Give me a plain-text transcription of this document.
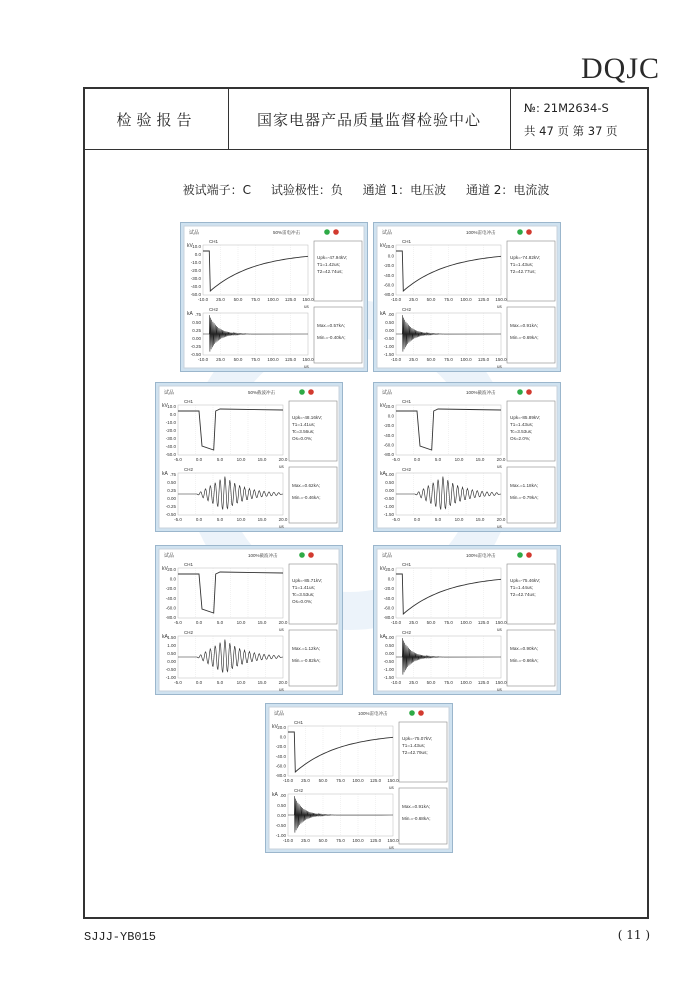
DQJC
检验报告	国家电器产品质量监督检验中心
№: 21M2634-S
共 47 页 第 37 页
被试端子：C 试验极性：负 通道 1：电压波 通道 2：电流波
试品	50%雷电冲击
CH1
kV 10.0
0.0
-10.0
-20.0
-30.0
-40.0
-50.0
-10.0 25.0 50.0 75.0 100.0 125.0 150.0
us
CH2
kA .75
0.50
0.25
0.00
-0.25
-0.50
-10.0 25.0 50.0 75.0 100.0 125.0 150.0
us
Upk=-47.94kV;
T1=1.42us;
T2=42.74us;
Max.=0.57kA;
Min.=-0.40kA;
试品	100%雷电冲击
CH1
kV 20.0
0.0
-20.0
-40.0
-60.0
-80.0
-10.0 25.0 50.0 75.0 100.0 125.0 150.0
us
CH2
kA .00
0.50
0.00
-0.50
-1.00
-1.50
-10.0 25.0 50.0 75.0 100.0 125.0 150.0
us
Upk=-74.82kV;
T1=1.43us;
T2=42.77us;
Max.=0.91kA;
Min.=-0.69kA;
试品	50%截波冲击
CH1
kV 10.0
0.0
-10.0
-20.0
-30.0
-40.0
-50.0
-5.0	0.0	5.0	10.0	15.0	20.0
us
CH2
kA .75
0.50
0.25
0.00
-0.25
-0.50
-5.0	0.0	5.0	10.0	15.0	20.0
us
Upk=-48.16kV;
T1=1.41us;
Tc=3.56us;
Os=0.0%;
Max.=0.62kA;
Min.=-0.46kA;
试品	100%截波冲击
CH1
kV 20.0
0.0
-20.0
-40.0
-60.0
-80.0
-5.0	0.0	5.0	10.0	15.0	20.0
us
CH2
kA 1.00
0.50
0.00
-0.50
-1.00
-1.50
-5.0	0.0	5.0	10.0	15.0	20.0
us
Upk=-85.89kV;
T1=1.43us;
Tc=3.53us;
Os=2.0%;
Max.=1.18kA;
Min.=-0.79kA;
试品	100%截波冲击
CH1
kV 20.0
0.0
-20.0
-40.0
-60.0
-80.0
-5.0	0.0	5.0	10.0	15.0	20.0
us
CH2
kA 1.50
1.00
0.50
0.00
-0.50
-1.00
-5.0	0.0	5.0	10.0	15.0	20.0
us
Upk=-85.71kV;
T1=1.41us;
Tc=3.53us;
Os=0.0%;
Max.=1.12kA;
Min.=-0.82kA;
试品	100%雷电冲击
CH1
kV 20.0
0.0
-20.0
-40.0
-60.0
-80.0
-10.0 25.0 50.0 75.0 100.0 125.0 150.0
us
CH2
kA 1.00
0.50
0.00
-0.50
-1.00
-1.50
-10.0 25.0 50.0 75.0 100.0 125.0 150.0
us
Upk=-75.46kV;
T1=1.44us;
T2=42.74us;
Max.=0.90kA;
Min.=-0.66kA;
试品	100%雷电冲击
CH1
kV 20.0
0.0
-20.0
-40.0
-60.0
-80.0
-10.0 25.0 50.0 75.0 100.0 125.0 150.0
us
CH2
kA .00
0.50
0.00
-0.50
-1.00
-10.0 25.0 50.0 75.0 100.0 125.0 150.0
us
Upk=-75.07kV;
T1=1.43us;
T2=42.79us;
Max.=0.91kA;
Min.=-0.68kA;
SJJJ-YB015	( 11 )
